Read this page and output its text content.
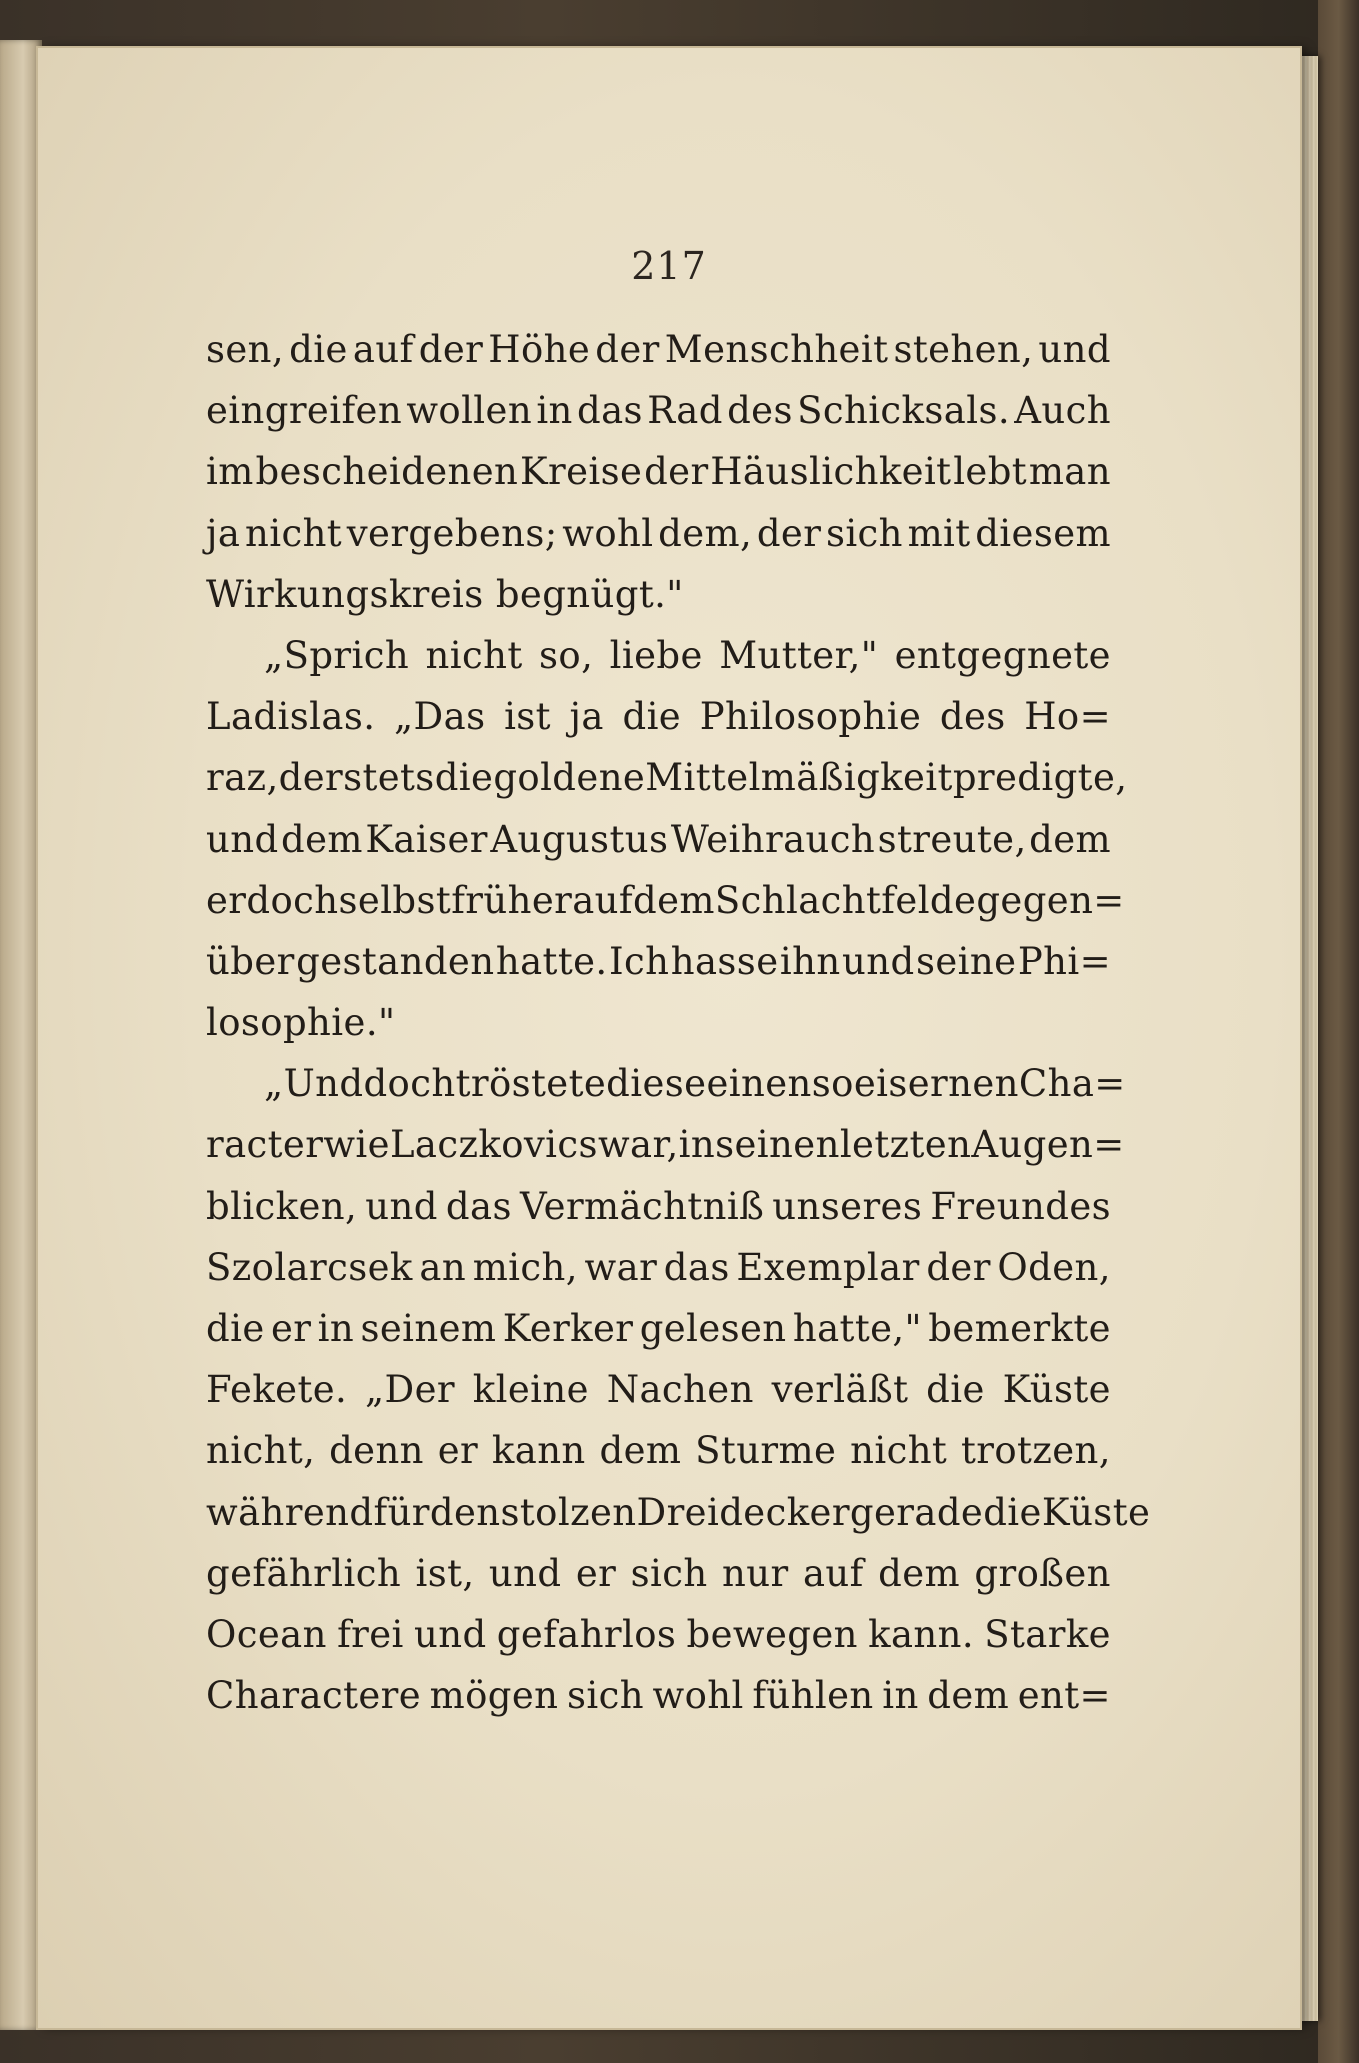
217
sen, die auf der Höhe der Menschheit stehen, und
eingreifen wollen in das Rad des Schicksals. Auch
im bescheidenen Kreise der Häuslichkeit lebt man
ja nicht vergebens; wohl dem, der sich mit diesem
Wirkungskreis begnügt."
„Sprich nicht so, liebe Mutter," entgegnete
Ladislas. „Das ist ja die Philosophie des Ho=
raz, der stets die goldene Mittelmäßigkeit predigte,
und dem Kaiser Augustus Weihrauch streute, dem
er doch selbst früher auf dem Schlachtfelde gegen=
über gestanden hatte. Ich hasse ihn und seine Phi=
losophie."
„Und doch tröstete diese einen so eisernen Cha=
racter wie Laczkovics war, in seinen letzten Augen=
blicken, und das Vermächtniß unseres Freundes
Szolarcsek an mich, war das Exemplar der Oden,
die er in seinem Kerker gelesen hatte," bemerkte
Fekete. „Der kleine Nachen verläßt die Küste
nicht, denn er kann dem Sturme nicht trotzen,
während für den stolzen Dreidecker gerade die Küste
gefährlich ist, und er sich nur auf dem großen
Ocean frei und gefahrlos bewegen kann. Starke
Charactere mögen sich wohl fühlen in dem ent=
